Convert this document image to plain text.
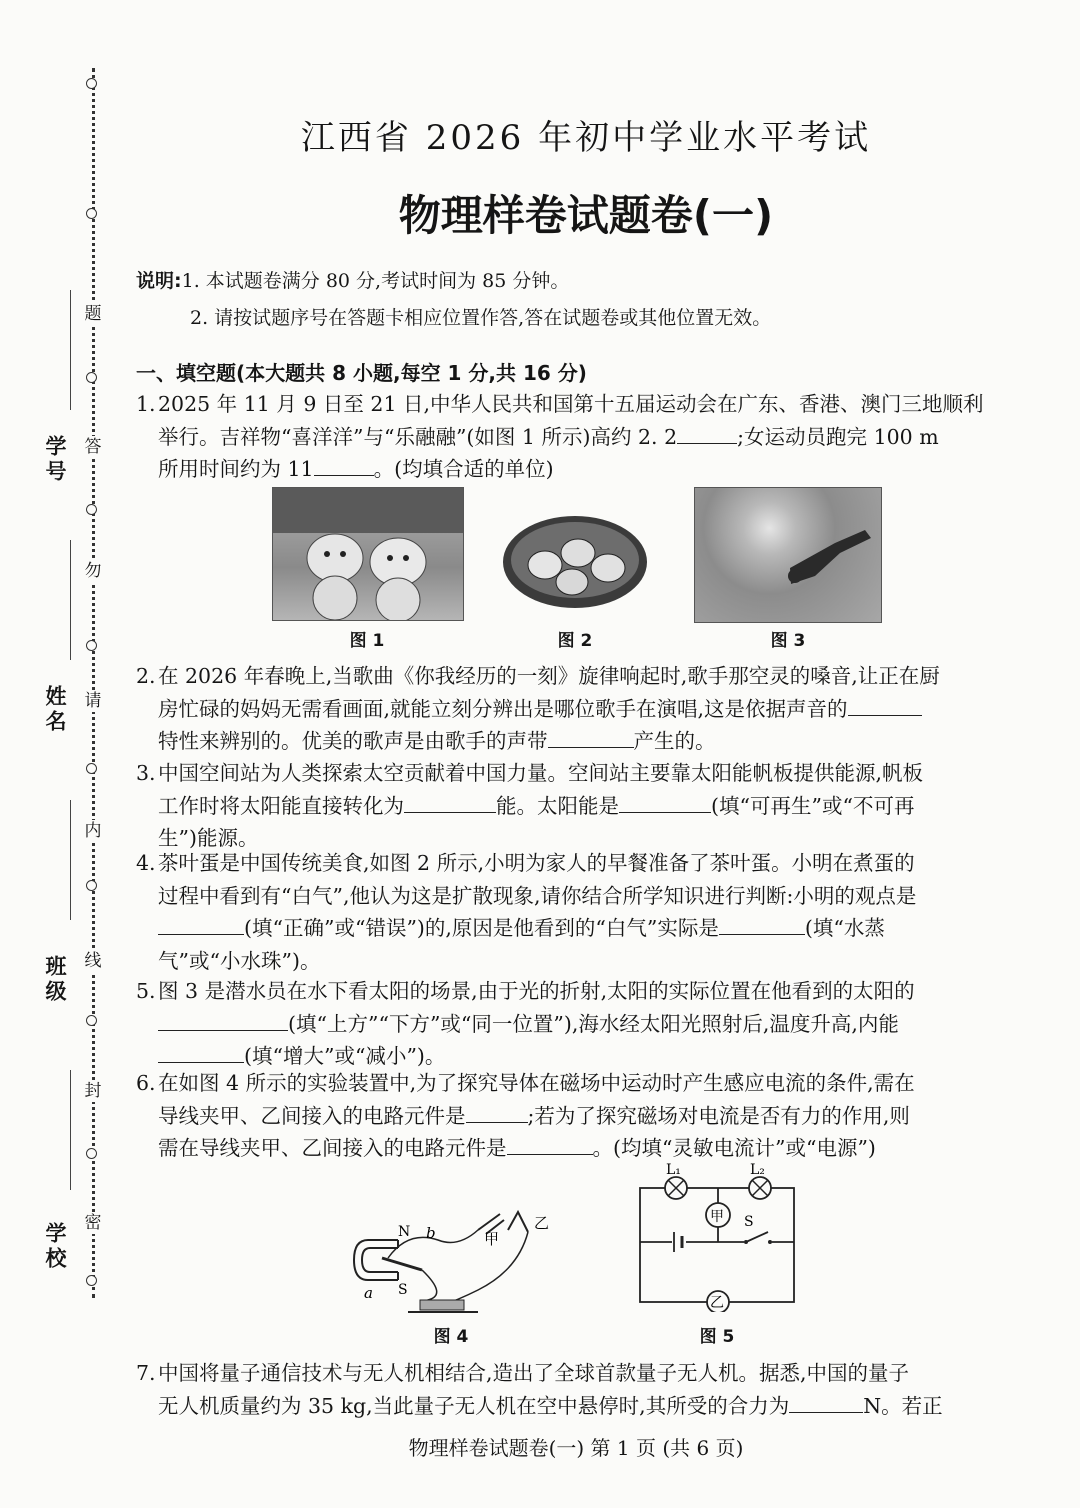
题
答
勿
请
内
线
封
密
学号
姓名
班级
学校
江西省 2026 年初中学业水平考试
物理样卷试题卷(一)
说明:1. 本试题卷满分 80 分,考试时间为 85 分钟。
2. 请按试题序号在答题卡相应位置作答,答在试题卷或其他位置无效。
一、填空题(本大题共 8 小题,每空 1 分,共 16 分)
1. 2025 年 11 月 9 日至 21 日,中华人民共和国第十五届运动会在广东、香港、澳门三地顺利
举行。吉祥物“喜洋洋”与“乐融融”(如图 1 所示)高约 2. 2	;女运动员跑完 100 m
所用时间约为 11	。(均填合适的单位)
图 1	图 2	图 3
2. 在 2026 年春晚上,当歌曲《你我经历的一刻》旋律响起时,歌手那空灵的嗓音,让正在厨
房忙碌的妈妈无需看画面,就能立刻分辨出是哪位歌手在演唱,这是依据声音的
特性来辨别的。优美的歌声是由歌手的声带	产生的。
3. 中国空间站为人类探索太空贡献着中国力量。空间站主要靠太阳能帆板提供能源,帆板
工作时将太阳能直接转化为	能。太阳能是	(填“可再生”或“不可再
生”)能源。
4. 茶叶蛋是中国传统美食,如图 2 所示,小明为家人的早餐准备了茶叶蛋。小明在煮蛋的
过程中看到有“白气”,他认为这是扩散现象,请你结合所学知识进行判断:小明的观点是
(填“正确”或“错误”)的,原因是他看到的“白气”实际是	(填“水蒸
气”或“小水珠”)。
5. 图 3 是潜水员在水下看太阳的场景,由于光的折射,太阳的实际位置在他看到的太阳的
(填“上方”“下方”或“同一位置”),海水经太阳光照射后,温度升高,内能
(填“增大”或“减小”)。
6. 在如图 4 所示的实验装置中,为了探究导体在磁场中运动时产生感应电流的条件,需在
导线夹甲、乙间接入的电路元件是	;若为了探究磁场对电流是否有力的作用,则
需在导线夹甲、乙间接入的电路元件是	。(均填“灵敏电流计”或“电源”)
N
S
a
b	甲
乙
图 4
L₁	L₂
甲
乙
S
图 5
7. 中国将量子通信技术与无人机相结合,造出了全球首款量子无人机。据悉,中国的量子
无人机质量约为 35 kg,当此量子无人机在空中悬停时,其所受的合力为	N。若正
物理样卷试题卷(一) 第 1 页 (共 6 页)
